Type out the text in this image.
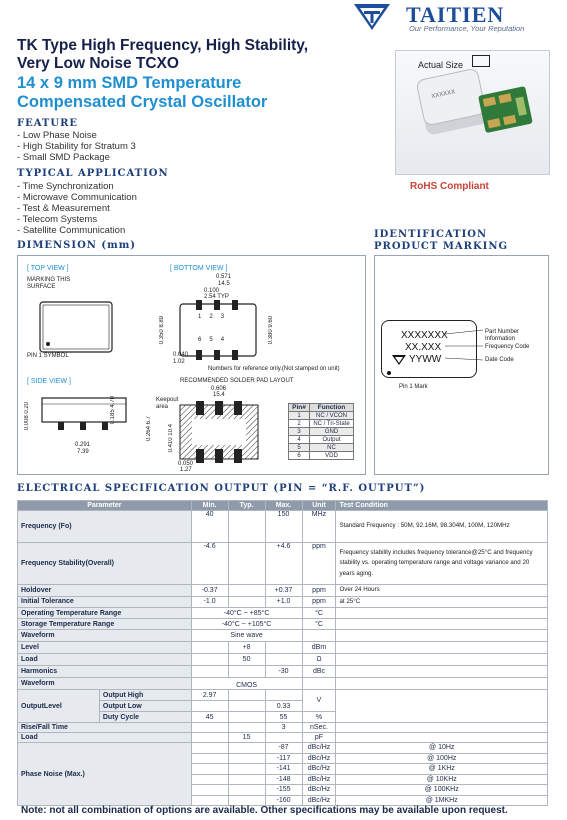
TAITIEN
Our Performance, Your Reputation
TK Type High Frequency, High Stability,
Very Low Noise TCXO
14 x 9 mm SMD Temperature
Compensated Crystal Oscillator
FEATURE
- Low Phase Noise
- High Stability for Stratum 3
- Small SMD Package
TYPICAL APPLICATION
- Time Synchronization
- Microwave Communication
- Test & Measurement
- Telecom Systems
- Satellite Communication
XXXXXX
Actual Size
RoHS Compliant
DIMENSION (mm)
[ TOP VIEW ]
MARKING THIS SURFACE
PIN 1 SYMBOL
[ BOTTOM VIEW ]
0.571
14.5
0.100
2.54 TYP
123
654
0.350 8.89	0.380 9.60
0.040
1.02
Numbers for reference only.(Not stamped on unit)
RECOMMENDED SOLDER PAD LAYOUT
Keepout area
0.606
15.4
0.410 10.4
0.264 6.7
0.050
1.27
Pin#	Function
1	NC / VCON
2	NC / Tri-State
3	GND
4	Output
5	NC
6	VDD
[ SIDE VIEW ]
0.008 0.20	0.185 4.70
0.291
7.39
IDENTIFICATION PRODUCT MARKING
XXXXXXX
XX.XXX
YYWW
Part Number Information
Frequency Code
Date Code
Pin 1 Mark
ELECTRICAL SPECIFICATION OUTPUT (PIN = “R.F. OUTPUT”)
Parameter		Min.	Typ.	Max.	Unit	Test Condition
Frequency (Fo)		40		150	MHz	Standard Frequency : 50M, 92.16M, 98.304M, 100M, 120MHz
Frequency Stability(Overall)		-4.6		+4.6	ppm	Frequency stability includes frequency tolerance@25°C and frequency stability vs. operating temperature range and voltage variance and 20 years aging.
Holdover		-0.37		+0.37	ppm	Over 24 Hours
Initial Tolerance		-1.0		+1.0	ppm	at 25°C
Operating Temperature Range		-40°C ~ +85°C			°C	
Storage Temperature Range		-40°C ~ +105°C			°C	
Waveform		Sine wave				
Level			+8		dBm	
Load			50		Ω	
Harmonics				-30	dBc	
Waveform		CMOS				
OutputLevel	Output High	2.97			V	
	Output Low			0.33		
	Duty Cycle	45		55	%	
Rise/Fall Time				3	nSec.	
Load			15		pF	
Phase Noise (Max.)				-87	dBc/Hz	@ 10Hz
				-117	dBc/Hz	@ 100Hz
				-141	dBc/Hz	@ 1KHz
				-148	dBc/Hz	@ 10KHz
				-155	dBc/Hz	@ 100KHz
				-160	dBc/Hz	@ 1MKHz
Note: not all combination of options are available. Other specifications may be available upon request.
